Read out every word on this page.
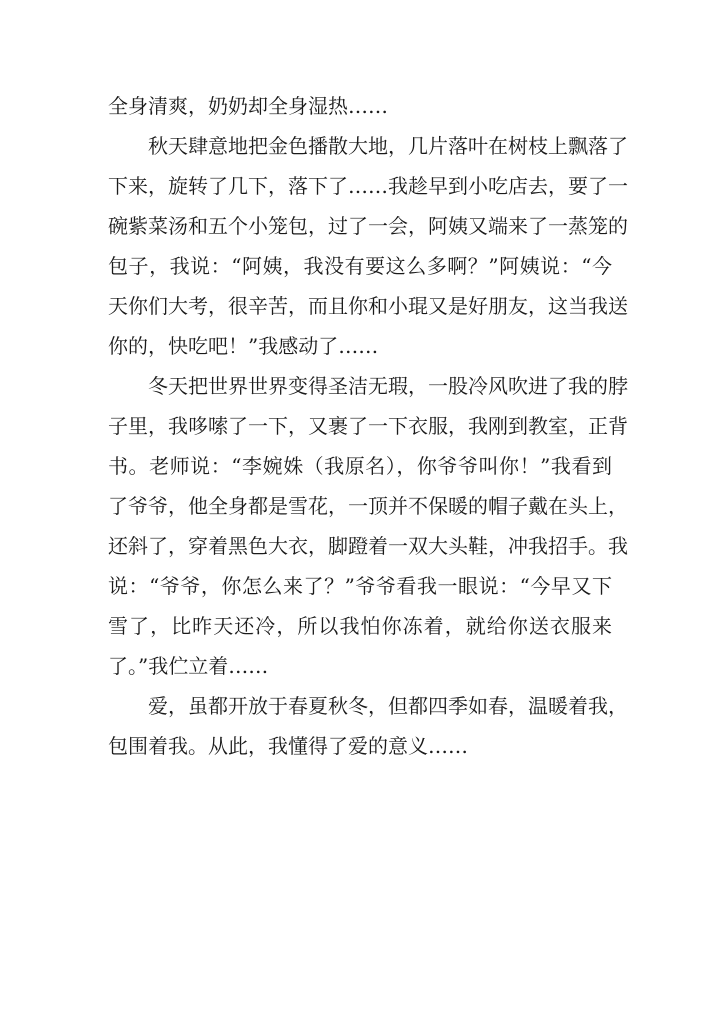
全身清爽，奶奶却全身湿热……
秋天肆意地把金色播散大地，几片落叶在树枝上飘落了
下来，旋转了几下，落下了……我趁早到小吃店去，要了一
碗紫菜汤和五个小笼包，过了一会，阿姨又端来了一蒸笼的
包子，我说：“阿姨，我没有要这么多啊？”阿姨说：“今
天你们大考，很辛苦，而且你和小琨又是好朋友，这当我送
你的，快吃吧！”我感动了……
冬天把世界世界变得圣洁无瑕，一股冷风吹进了我的脖
子里，我哆嗦了一下，又裹了一下衣服，我刚到教室，正背
书。老师说：“李婉姝（我原名），你爷爷叫你！”我看到
了爷爷，他全身都是雪花，一顶并不保暖的帽子戴在头上，
还斜了，穿着黑色大衣，脚蹬着一双大头鞋，冲我招手。我
说：“爷爷，你怎么来了？”爷爷看我一眼说：“今早又下
雪了，比昨天还冷，所以我怕你冻着，就给你送衣服来
了。”我伫立着……
爱，虽都开放于春夏秋冬，但都四季如春，温暖着我，
包围着我。从此，我懂得了爱的意义……
